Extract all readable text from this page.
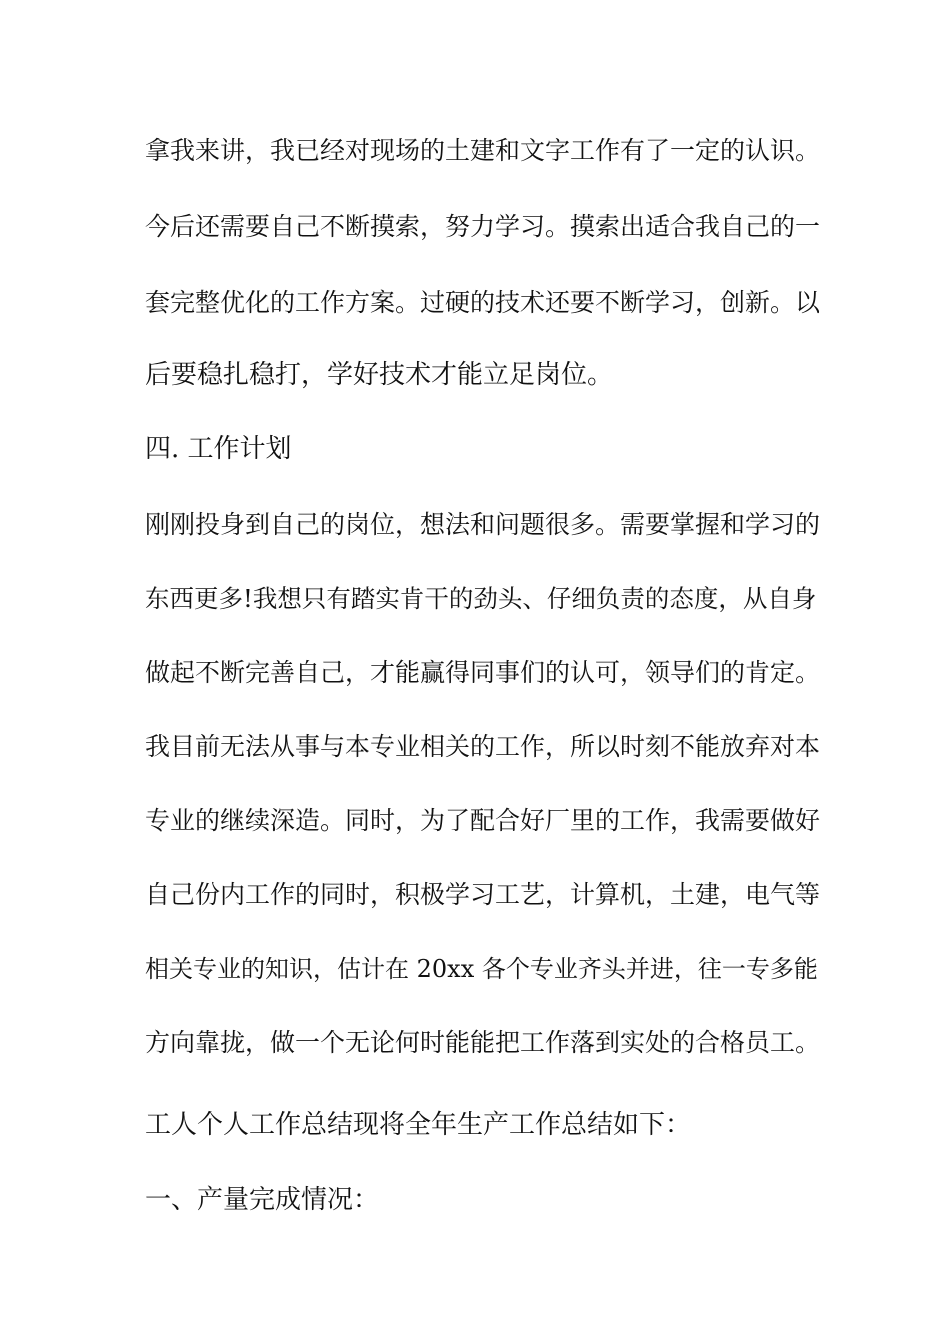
拿我来讲，我已经对现场的土建和文字工作有了一定的认识。
今后还需要自己不断摸索，努力学习。摸索出适合我自己的一
套完整优化的工作方案。过硬的技术还要不断学习，创新。以
后要稳扎稳打，学好技术才能立足岗位。
四. 工作计划
刚刚投身到自己的岗位，想法和问题很多。需要掌握和学习的
东西更多!我想只有踏实肯干的劲头、仔细负责的态度，从自身
做起不断完善自己，才能赢得同事们的认可，领导们的肯定。
我目前无法从事与本专业相关的工作，所以时刻不能放弃对本
专业的继续深造。同时，为了配合好厂里的工作，我需要做好
自己份内工作的同时，积极学习工艺，计算机，土建，电气等
相关专业的知识，估计在 20xx 各个专业齐头并进，往一专多能
方向靠拢，做一个无论何时能能把工作落到实处的合格员工。
工人个人工作总结现将全年生产工作总结如下：
一、产量完成情况：
